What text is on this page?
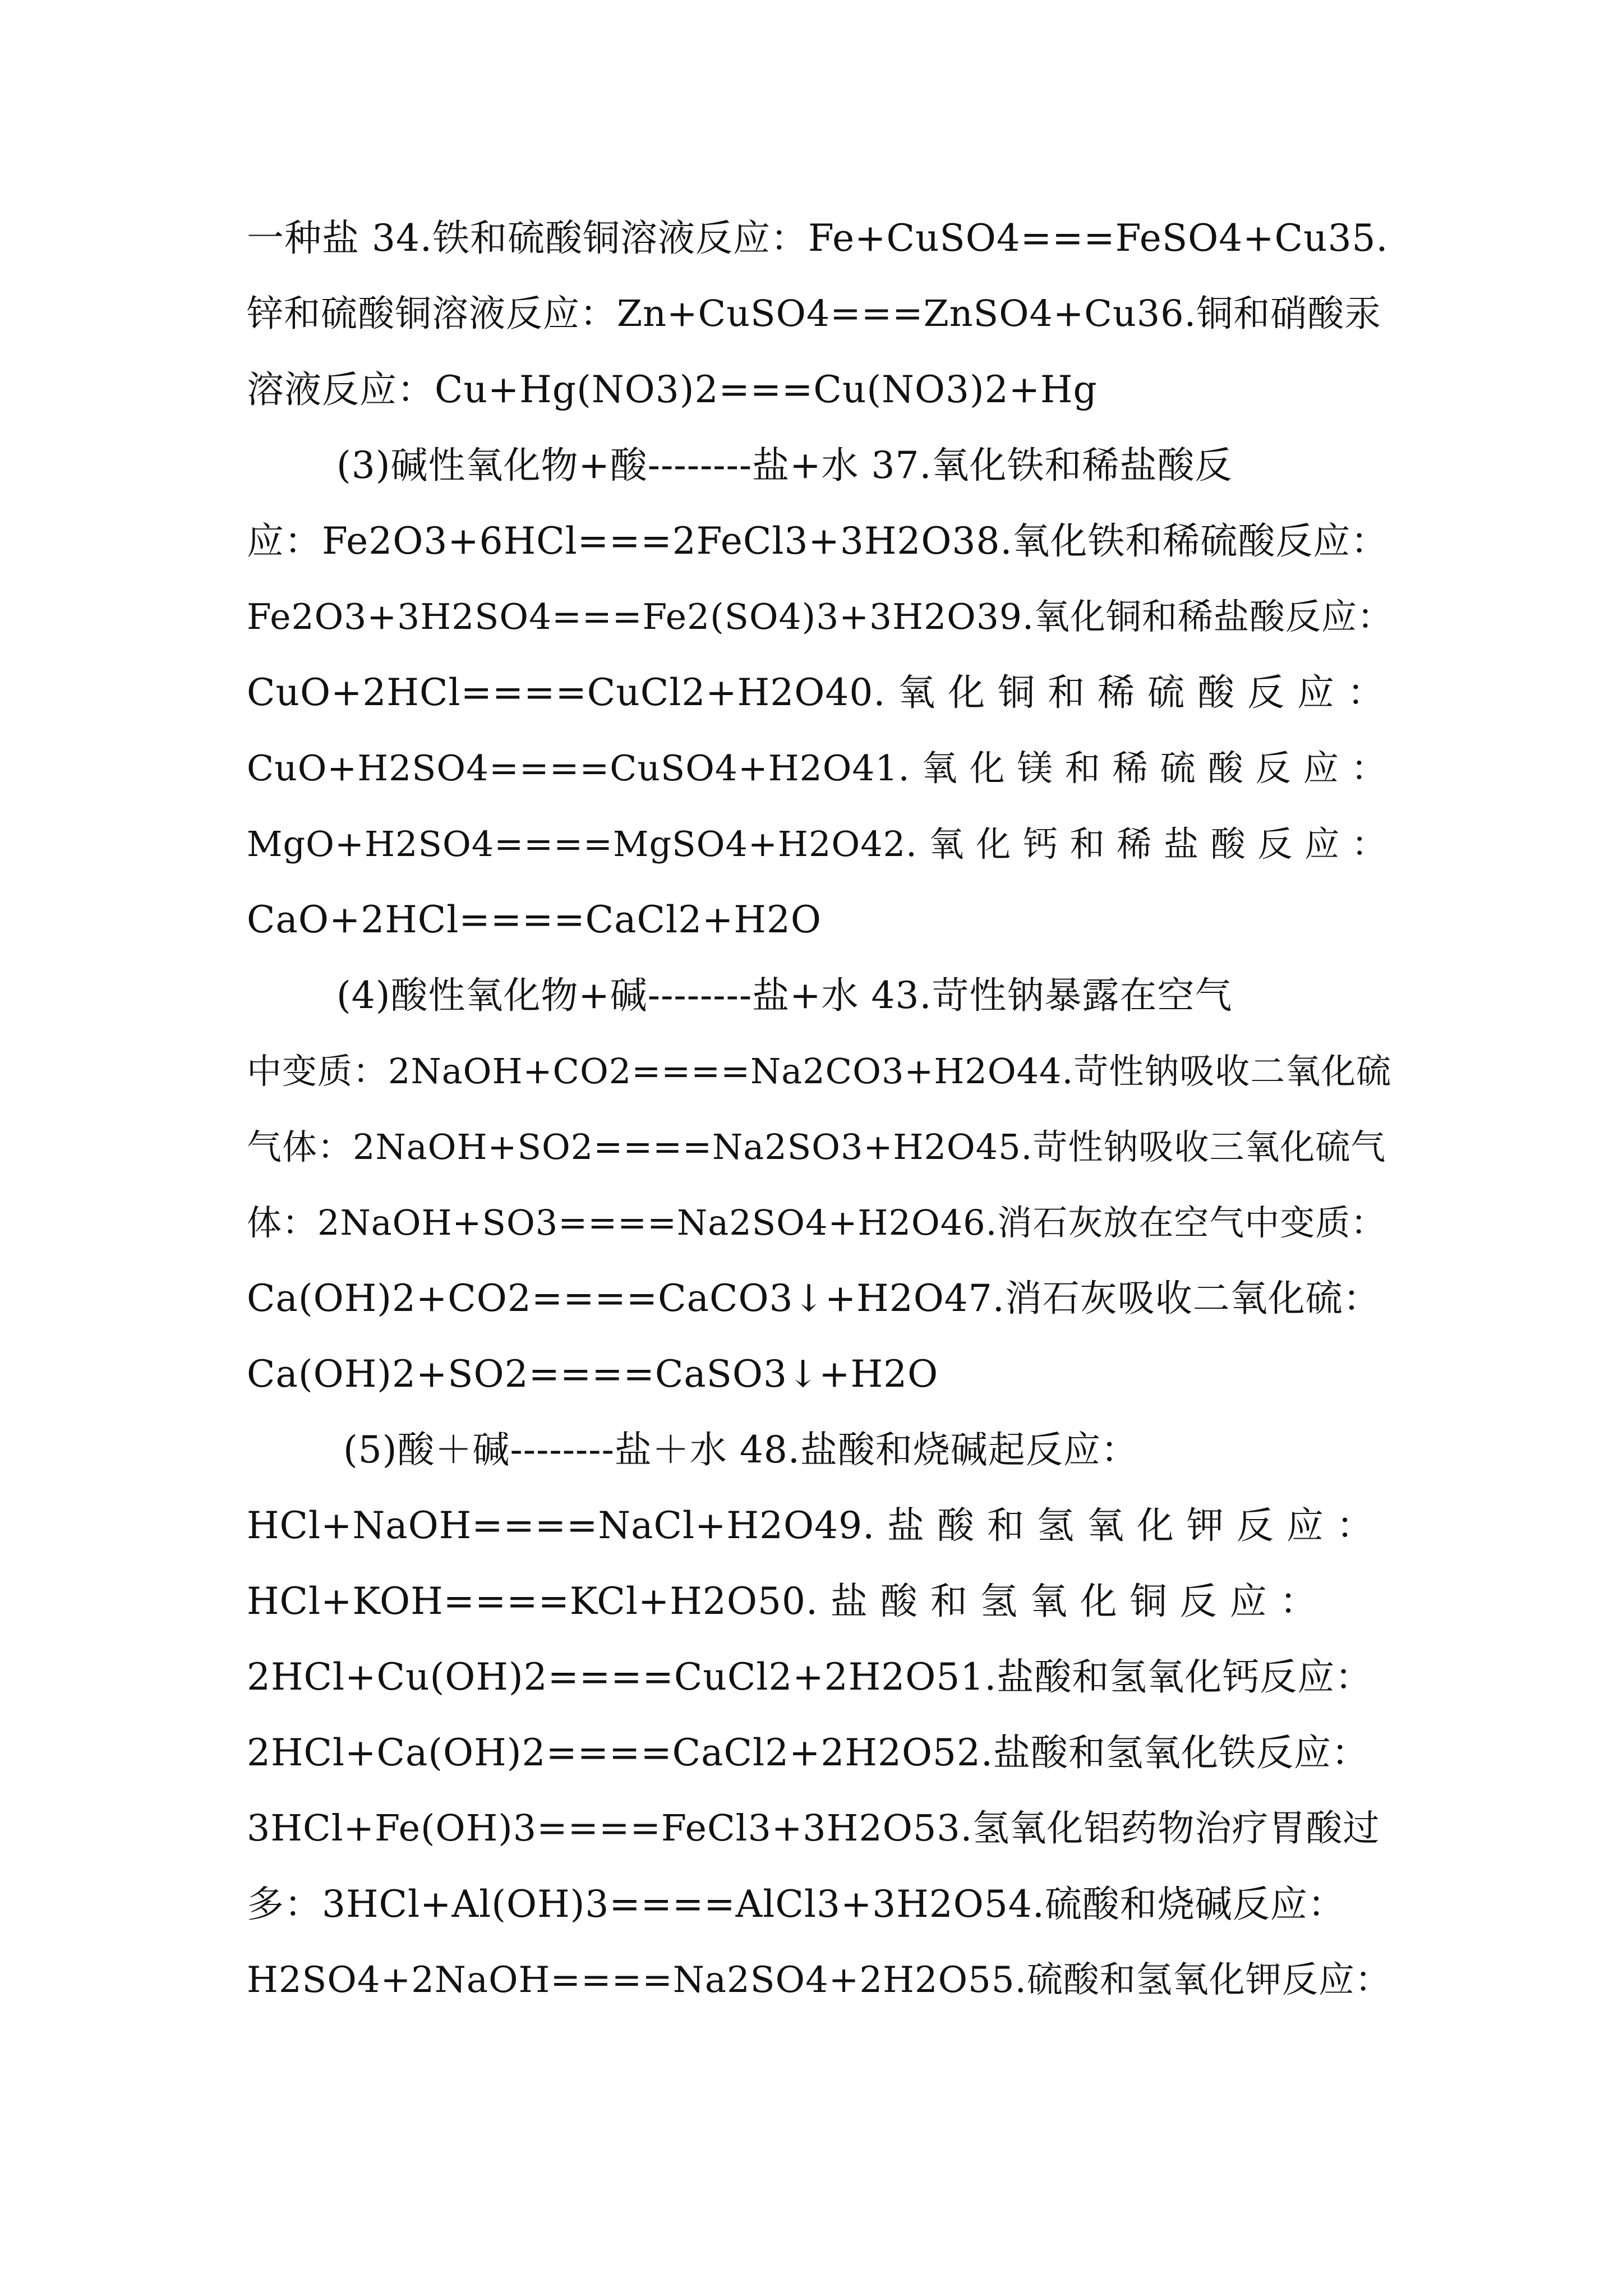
一种盐 34.铁和硫酸铜溶液反应：Fe+CuSO4===FeSO4+Cu35.
锌和硫酸铜溶液反应：Zn+CuSO4===ZnSO4+Cu36.铜和硝酸汞
溶液反应：Cu+Hg(NO3)2===Cu(NO3)2+Hg
(3)碱性氧化物+酸--------盐+水 37.氧化铁和稀盐酸反
应：Fe2O3+6HCl===2FeCl3+3H2O38.氧化铁和稀硫酸反应：
Fe2O3+3H2SO4===Fe2(SO4)3+3H2O39.氧化铜和稀盐酸反应：
CuO+2HCl====CuCl2+H2O40. 氧 化 铜 和 稀 硫 酸 反 应 ：
CuO+H2SO4====CuSO4+H2O41. 氧 化 镁 和 稀 硫 酸 反 应 ：
MgO+H2SO4====MgSO4+H2O42. 氧 化 钙 和 稀 盐 酸 反 应 ：
CaO+2HCl====CaCl2+H2O
(4)酸性氧化物+碱--------盐+水 43.苛性钠暴露在空气
中变质：2NaOH+CO2====Na2CO3+H2O44.苛性钠吸收二氧化硫
气体：2NaOH+SO2====Na2SO3+H2O45.苛性钠吸收三氧化硫气
体：2NaOH+SO3====Na2SO4+H2O46.消石灰放在空气中变质：
Ca(OH)2+CO2====CaCO3↓+H2O47.消石灰吸收二氧化硫：
Ca(OH)2+SO2====CaSO3↓+H2O
(5)酸＋碱--------盐＋水 48.盐酸和烧碱起反应：
HCl+NaOH====NaCl+H2O49. 盐 酸 和 氢 氧 化 钾 反 应 ：
HCl+KOH====KCl+H2O50. 盐 酸 和 氢 氧 化 铜 反 应 ：
2HCl+Cu(OH)2====CuCl2+2H2O51.盐酸和氢氧化钙反应：
2HCl+Ca(OH)2====CaCl2+2H2O52.盐酸和氢氧化铁反应：
3HCl+Fe(OH)3====FeCl3+3H2O53.氢氧化铝药物治疗胃酸过
多：3HCl+Al(OH)3====AlCl3+3H2O54.硫酸和烧碱反应：
H2SO4+2NaOH====Na2SO4+2H2O55.硫酸和氢氧化钾反应：
